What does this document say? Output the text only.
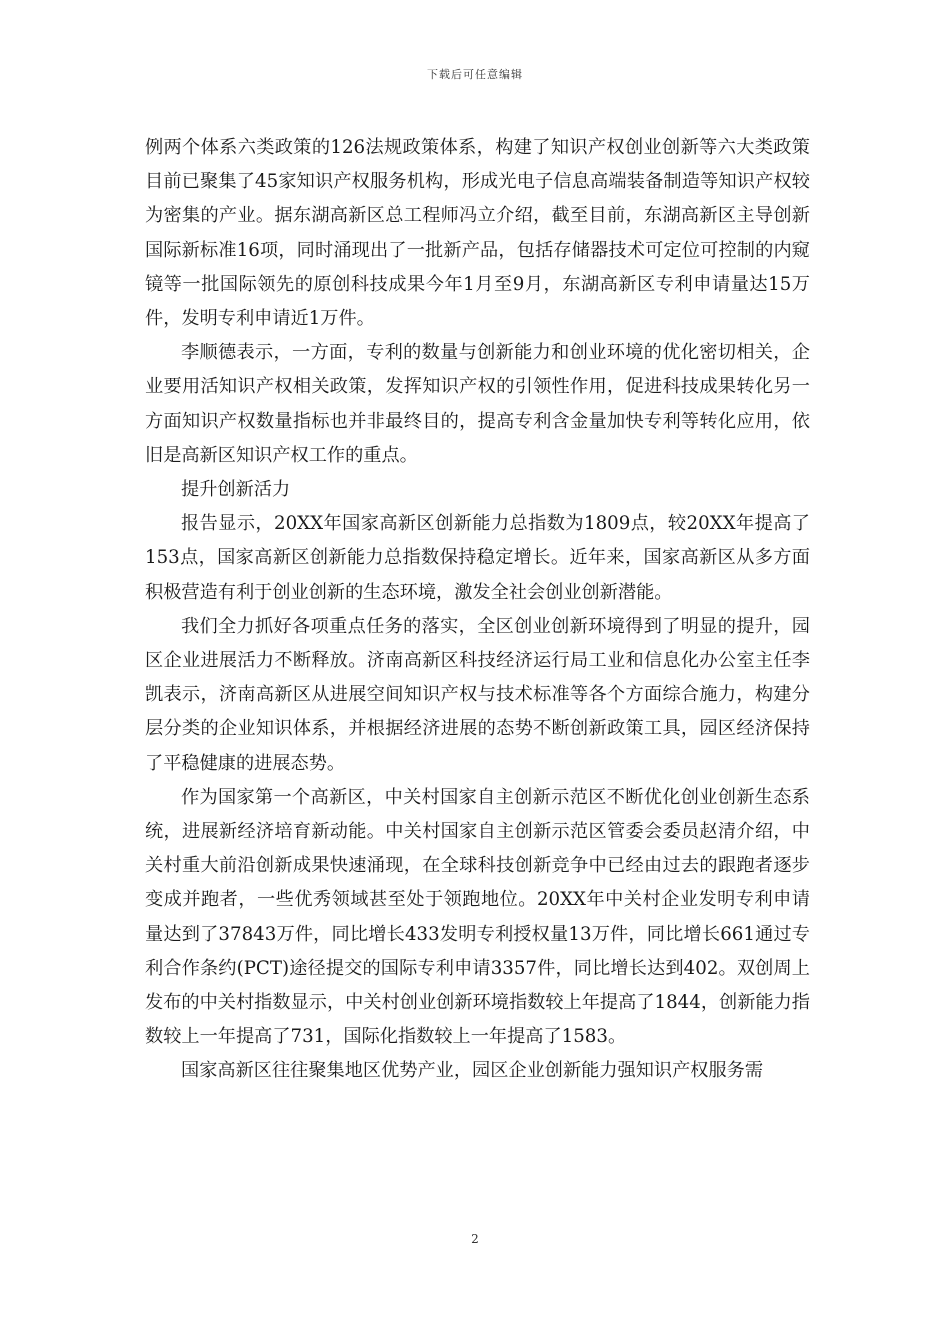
下载后可任意编辑

例两个体系六类政策的126法规政策体系，构建了知识产权创业创新等六大类政策目前已聚集了45家知识产权服务机构，形成光电子信息高端装备制造等知识产权较为密集的产业。据东湖高新区总工程师冯立介绍，截至目前，东湖高新区主导创新国际新标准16项，同时涌现出了一批新产品，包括存储器技术可定位可控制的内窥镜等一批国际领先的原创科技成果今年1月至9月，东湖高新区专利申请量达15万件，发明专利申请近1万件。

李顺德表示，一方面，专利的数量与创新能力和创业环境的优化密切相关，企业要用活知识产权相关政策，发挥知识产权的引领性作用，促进科技成果转化另一方面知识产权数量指标也并非最终目的，提高专利含金量加快专利等转化应用，依旧是高新区知识产权工作的重点。

提升创新活力

报告显示，20XX年国家高新区创新能力总指数为1809点，较20XX年提高了153点，国家高新区创新能力总指数保持稳定增长。近年来，国家高新区从多方面积极营造有利于创业创新的生态环境，激发全社会创业创新潜能。

我们全力抓好各项重点任务的落实，全区创业创新环境得到了明显的提升，园区企业进展活力不断释放。济南高新区科技经济运行局工业和信息化办公室主任李凯表示，济南高新区从进展空间知识产权与技术标准等各个方面综合施力，构建分层分类的企业知识体系，并根据经济进展的态势不断创新政策工具，园区经济保持了平稳健康的进展态势。

作为国家第一个高新区，中关村国家自主创新示范区不断优化创业创新生态系统，进展新经济培育新动能。中关村国家自主创新示范区管委会委员赵清介绍，中关村重大前沿创新成果快速涌现，在全球科技创新竞争中已经由过去的跟跑者逐步变成并跑者，一些优秀领域甚至处于领跑地位。20XX年中关村企业发明专利申请量达到了37843万件，同比增长433发明专利授权量13万件，同比增长661通过专利合作条约(PCT)途径提交的国际专利申请3357件，同比增长达到402。双创周上发布的中关村指数显示，中关村创业创新环境指数较上年提高了1844，创新能力指数较上一年提高了731，国际化指数较上一年提高了1583。

国家高新区往往聚集地区优势产业，园区企业创新能力强知识产权服务需

2
